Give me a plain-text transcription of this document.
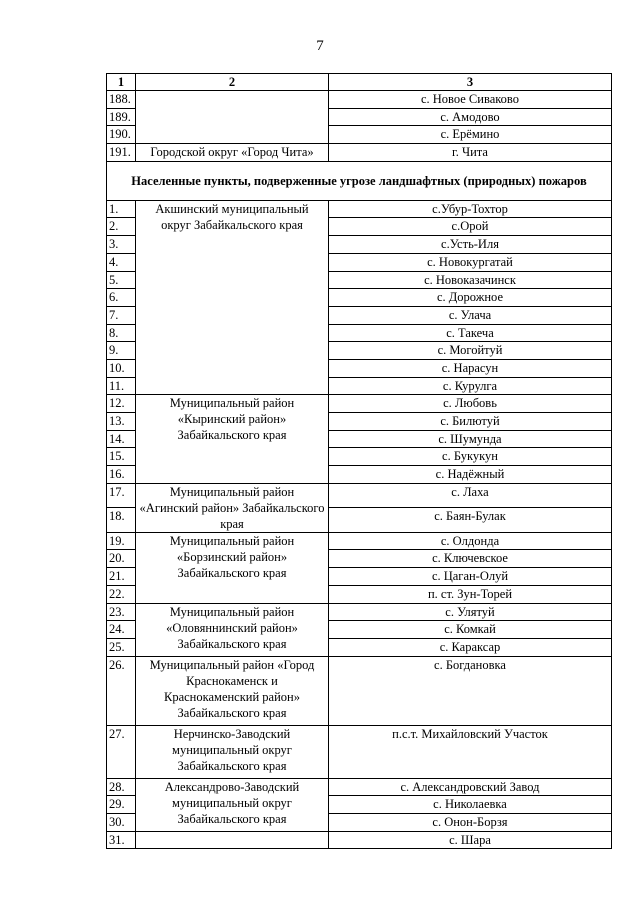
7
1	2	3
188.		с. Новое Сиваково
189.		с. Амодово
190.		с. Ерёмино
191.	Городской округ «Город Чита»	г. Чита
Населенные пункты, подверженные угрозе ландшафтных (природных) пожаров		
1.	Акшинский муниципальный округ Забайкальского края	с.Убур-Тохтор
2.		с.Орой
3.		с.Усть-Иля
4.		с. Новокургатай
5.		с. Новоказачинск
6.		с. Дорожное
7.		с. Улача
8.		с. Такеча
9.		с. Могойтуй
10.		с. Нарасун
11.		с. Курулга
12.	Муниципальный район «Кыринский район» Забайкальского края	с. Любовь
13.		с. Билютуй
14.		с. Шумунда
15.		с. Букукун
16.		с. Надёжный
17.	Муниципальный район «Агинский район» Забайкальского края	с. Лаха
18.		с. Баян-Булак
19.	Муниципальный район «Борзинский район» Забайкальского края	с. Олдонда
20.		с. Ключевское
21.		с. Цаган-Олуй
22.		п. ст. Зун-Торей
23.	Муниципальный район «Оловяннинский район» Забайкальского края	с. Улятуй
24.		с. Комкай
25.		с. Караксар
26.	Муниципальный район «Город Краснокаменск и Краснокаменский район» Забайкальского края	с. Богдановка
27.	Нерчинско-Заводский муниципальный округ Забайкальского края	п.с.т. Михайловский Участок
28.	Александрово-Заводский муниципальный округ Забайкальского края	с. Александровский Завод
29.		с. Николаевка
30.		с. Онон-Борзя
31.		с. Шара
